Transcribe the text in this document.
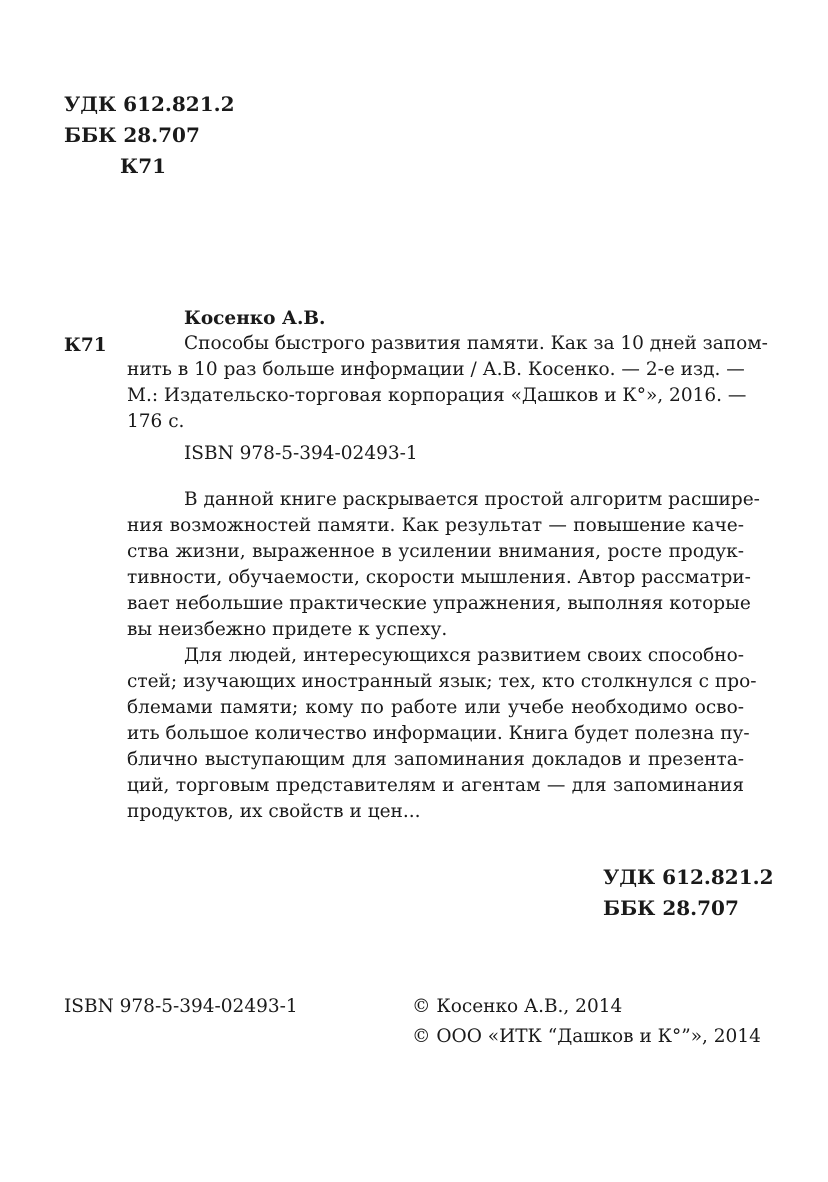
УДК 612.821.2
ББК 28.707
К71
Косенко А.В.
К71	Способы быстрого развития памяти. Как за 10 дней запом-
нить в 10 раз больше информации / А.В. Косенко. — 2-е изд. —
М.: Издательско-торговая корпорация «Дашков и К°», 2016. —
176 с.
ISBN 978-5-394-02493-1
В данной книге раскрывается простой алгоритм расшире-
ния возможностей памяти. Как результат — повышение каче-
ства жизни, выраженное в усилении внимания, росте продук-
тивности, обучаемости, скорости мышления. Автор рассматри-
вает небольшие практические упражнения, выполняя которые
вы неизбежно придете к успеху.
Для людей, интересующихся развитием своих способно-
стей; изучающих иностранный язык; тех, кто столкнулся с про-
блемами памяти; кому по работе или учебе необходимо осво-
ить большое количество информации. Книга будет полезна пу-
блично выступающим для запоминания докладов и презента-
ций, торговым представителям и агентам — для запоминания
продуктов, их свойств и цен...
УДК 612.821.2
ББК 28.707
ISBN 978-5-394-02493-1	© Косенко А.В., 2014
© ООО «ИТК “Дашков и К°”», 2014
